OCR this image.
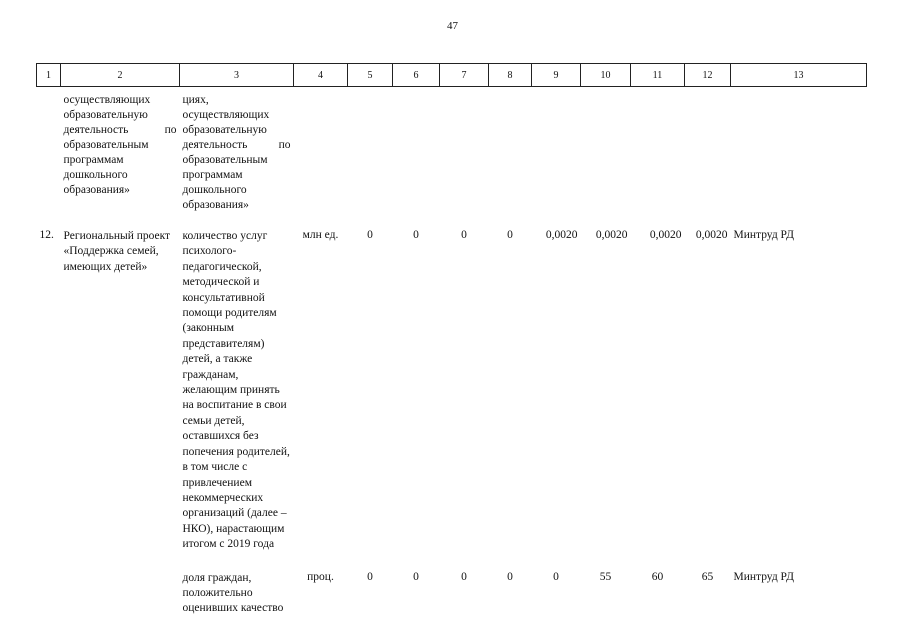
47
1	2	3	4	5	6	7	8	9	10	11	12	13
	осуществляющих образовательную деятельность по образовательным программам дошкольного образования»	циях, осуществляющих образовательную деятельность по образовательным программам дошкольного образования»										
12.	Региональный проект «Поддержка семей, имеющих детей»	количество услуг психолого-педагогической, методической и консультативной помощи родителям (законным представителям) детей, а также гражданам, желающим принять на воспитание в свои семьи детей, оставшихся без попечения родителей, в том числе с привлечением некоммерческих организаций (далее – НКО), нарастающим итогом с 2019 года	млн ед.	0	0	0	0	0,0020	0,0020	0,0020	0,0020	Минтруд РД
		доля граждан, положительно оценивших качество	проц.	0	0	0	0	0	55	60	65	Минтруд РД
